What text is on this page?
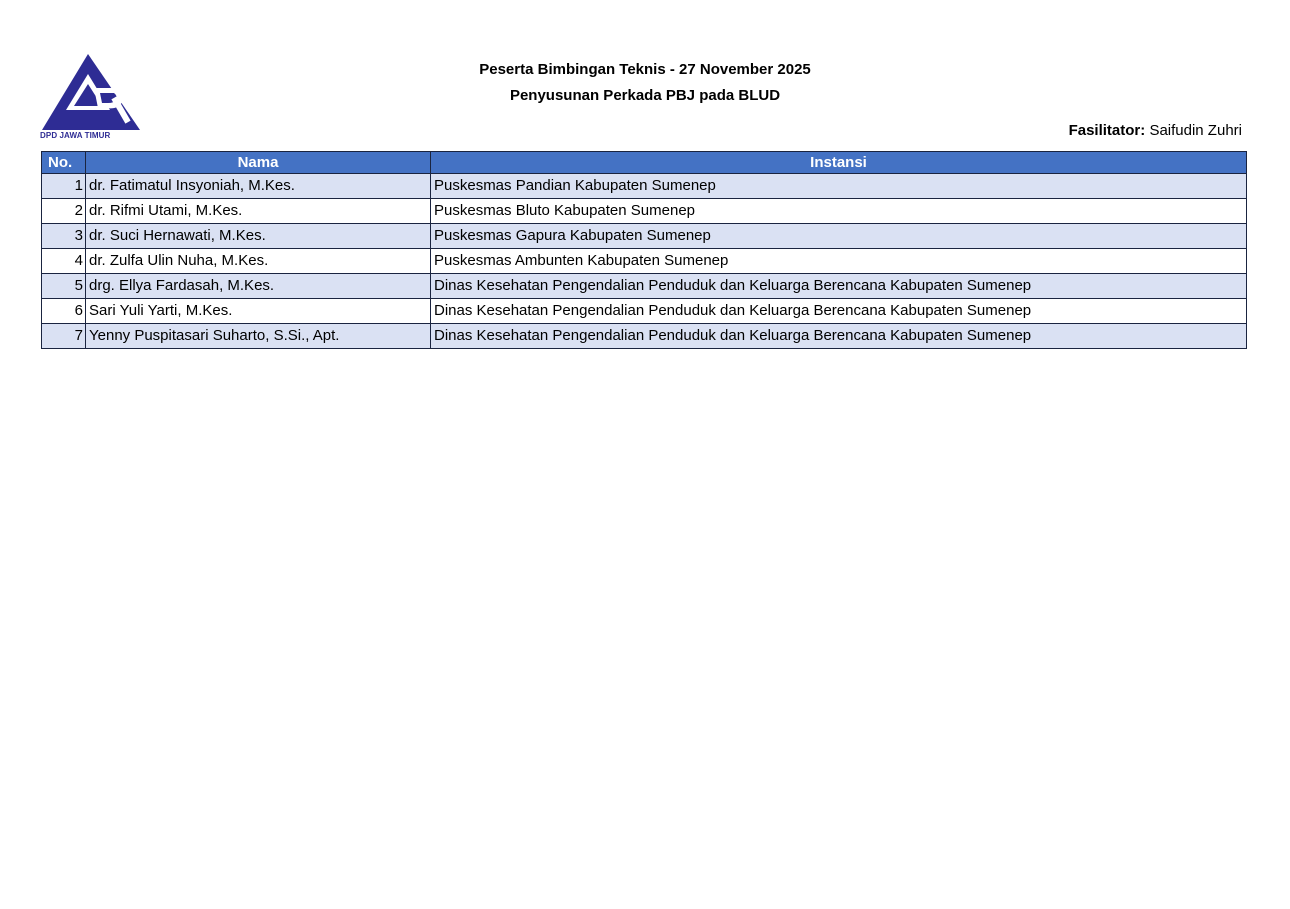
DPD JAWA TIMUR
Peserta Bimbingan Teknis - 27 November 2025
Penyusunan Perkada PBJ pada BLUD
Fasilitator: Saifudin Zuhri
No.	Nama	Instansi
1	dr. Fatimatul Insyoniah, M.Kes.	Puskesmas Pandian Kabupaten Sumenep
2	dr. Rifmi Utami, M.Kes.	Puskesmas Bluto Kabupaten Sumenep
3	dr. Suci Hernawati, M.Kes.	Puskesmas Gapura Kabupaten Sumenep
4	dr. Zulfa Ulin Nuha, M.Kes.	Puskesmas Ambunten Kabupaten Sumenep
5	drg. Ellya Fardasah, M.Kes.	Dinas Kesehatan Pengendalian Penduduk dan Keluarga Berencana Kabupaten Sumenep
6	Sari Yuli Yarti, M.Kes.	Dinas Kesehatan Pengendalian Penduduk dan Keluarga Berencana Kabupaten Sumenep
7	Yenny Puspitasari Suharto, S.Si., Apt.	Dinas Kesehatan Pengendalian Penduduk dan Keluarga Berencana Kabupaten Sumenep
